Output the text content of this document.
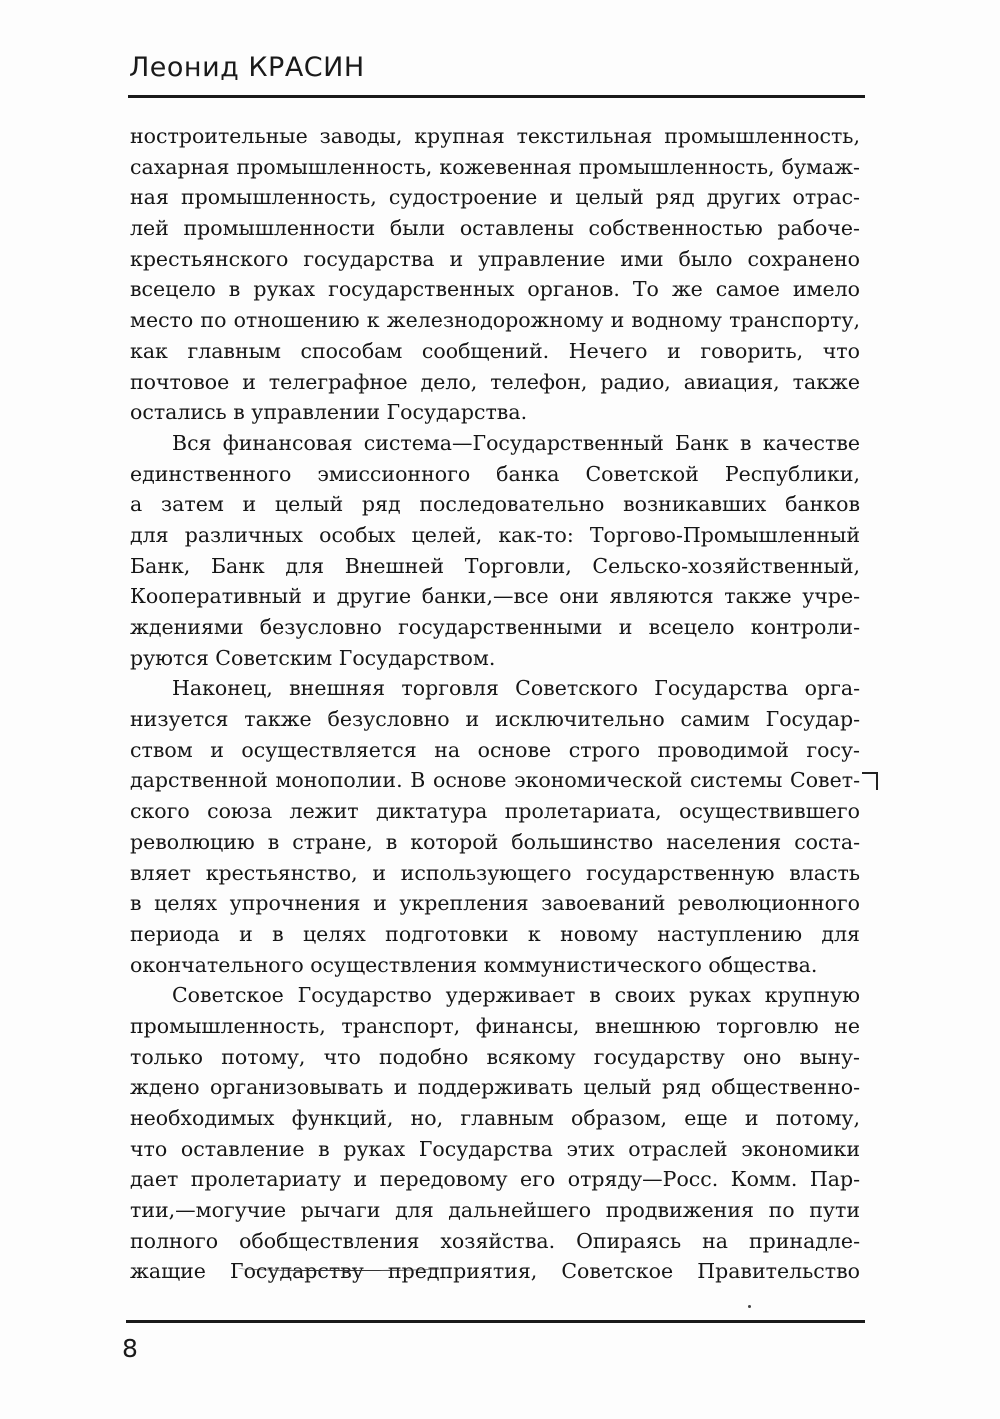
Леонид КРАСИН
ностроительные заводы, крупная текстильная промышленность,
сахарная промышленность, кожевенная промышленность, бумаж-
ная промышленность, судостроение и целый ряд других отрас-
лей промышленности были оставлены собственностью рабоче-
крестьянского государства и управление ими было сохранено
всецело в руках государственных органов. То же самое имело
место по отношению к железнодорожному и водному транспорту,
как главным способам сообщений. Нечего и говорить, что
почтовое и телеграфное дело, телефон, радио, авиация, также
остались в управлении Государства.
Вся финансовая система—Государственный Банк в качестве
единственного эмиссионного банка Советской Республики,
а затем и целый ряд последовательно возникавших банков
для различных особых целей, как-то: Торгово-Промышленный
Банк, Банк для Внешней Торговли, Сельско-хозяйственный,
Кооперативный и другие банки,—все они являются также учре-
ждениями безусловно государственными и всецело контроли-
руются Советским Государством.
Наконец, внешняя торговля Советского Государства орга-
низуется также безусловно и исключительно самим Государ-
ством и осуществляется на основе строго проводимой госу-
дарственной монополии. В основе экономической системы Совет-
ского союза лежит диктатура пролетариата, осуществившего
революцию в стране, в которой большинство населения соста-
вляет крестьянство, и использующего государственную власть
в целях упрочнения и укрепления завоеваний революционного
периода и в целях подготовки к новому наступлению для
окончательного осуществления коммунистического общества.
Советское Государство удерживает в своих руках крупную
промышленность, транспорт, финансы, внешнюю торговлю не
только потому, что подобно всякому государству оно выну-
ждено организовывать и поддерживать целый ряд общественно-
необходимых функций, но, главным образом, еще и потому,
что оставление в руках Государства этих отраслей экономики
дает пролетариату и передовому его отряду—Росс. Комм. Пар-
тии,—могучие рычаги для дальнейшего продвижения по пути
полного обобществления хозяйства. Опираясь на принадле-
жащие Государству предприятия, Советское Правительство
8
